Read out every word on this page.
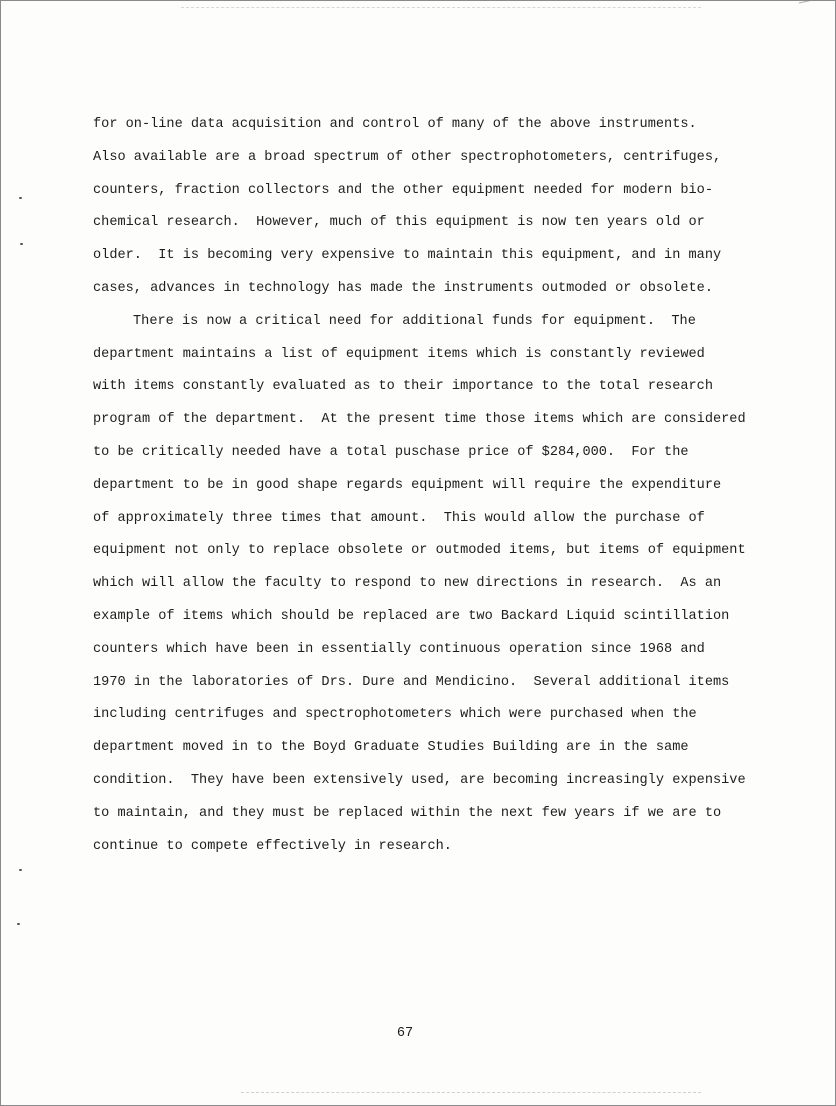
for on-line data acquisition and control of many of the above instruments.
Also available are a broad spectrum of other spectrophotometers, centrifuges,
counters, fraction collectors and the other equipment needed for modern bio-
chemical research.  However, much of this equipment is now ten years old or
older.  It is becoming very expensive to maintain this equipment, and in many
cases, advances in technology has made the instruments outmoded or obsolete.
There is now a critical need for additional funds for equipment.  The
department maintains a list of equipment items which is constantly reviewed
with items constantly evaluated as to their importance to the total research
program of the department.  At the present time those items which are considered
to be critically needed have a total puschase price of $284,000.  For the
department to be in good shape regards equipment will require the expenditure
of approximately three times that amount.  This would allow the purchase of
equipment not only to replace obsolete or outmoded items, but items of equipment
which will allow the faculty to respond to new directions in research.  As an
example of items which should be replaced are two Backard Liquid scintillation
counters which have been in essentially continuous operation since 1968 and
1970 in the laboratories of Drs. Dure and Mendicino.  Several additional items
including centrifuges and spectrophotometers which were purchased when the
department moved in to the Boyd Graduate Studies Building are in the same
condition.  They have been extensively used, are becoming increasingly expensive
to maintain, and they must be replaced within the next few years if we are to
continue to compete effectively in research.
67
